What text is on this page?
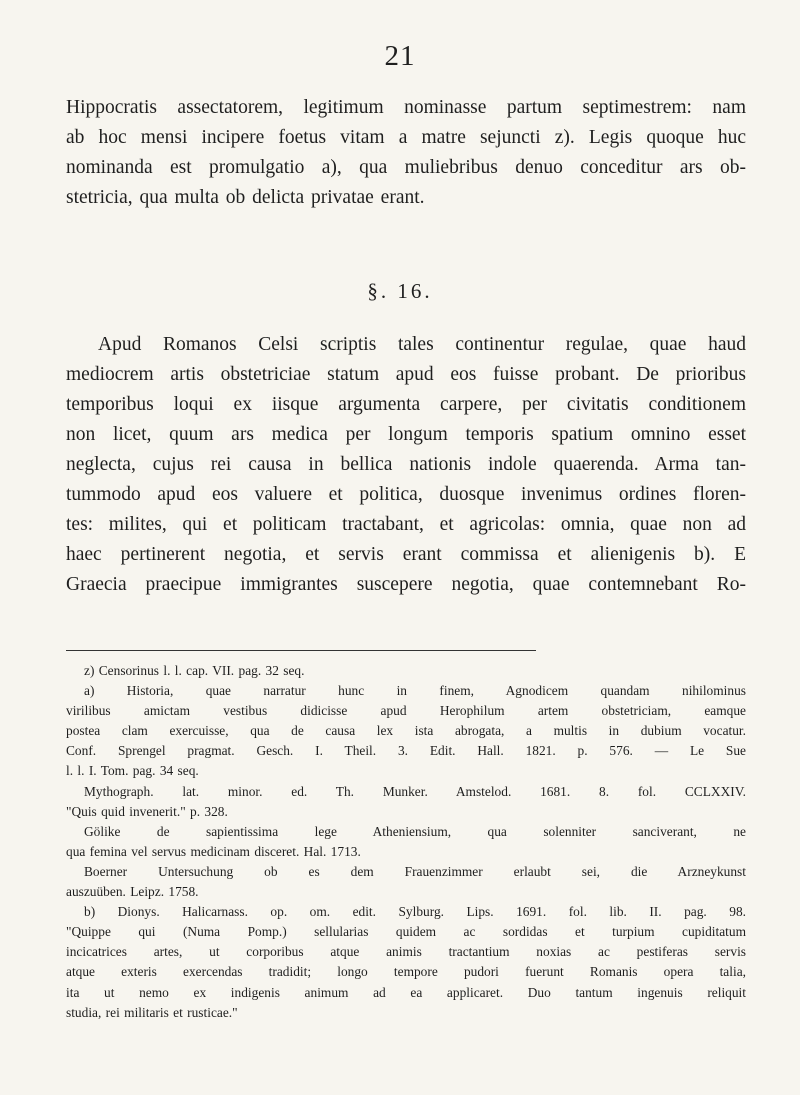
21
Hippocratis assectatorem, legitimum nominasse partum septimestrem: nam
ab hoc mensi incipere foetus vitam a matre sejuncti z). Legis quoque huc
nominanda est promulgatio a), qua muliebribus denuo conceditur ars ob-
stetricia, qua multa ob delicta privatae erant.
§. 16.
Apud Romanos Celsi scriptis tales continentur regulae, quae haud
mediocrem artis obstetriciae statum apud eos fuisse probant. De prioribus
temporibus loqui ex iisque argumenta carpere, per civitatis conditionem
non licet, quum ars medica per longum temporis spatium omnino esset
neglecta, cujus rei causa in bellica nationis indole quaerenda. Arma tan-
tummodo apud eos valuere et politica, duosque invenimus ordines floren-
tes: milites, qui et politicam tractabant, et agricolas: omnia, quae non ad
haec pertinerent negotia, et servis erant commissa et alienigenis b). E
Graecia praecipue immigrantes suscepere negotia, quae contemnebant Ro-
z) Censorinus l. l. cap. VII. pag. 32 seq.
a) Historia, quae narratur hunc in finem, Agnodicem quandam nihilominus
virilibus amictam vestibus didicisse apud Herophilum artem obstetriciam, eamque
postea clam exercuisse, qua de causa lex ista abrogata, a multis in dubium vocatur.
Conf. Sprengel pragmat. Gesch. I. Theil. 3. Edit. Hall. 1821. p. 576. — Le Sue
l. l. I. Tom. pag. 34 seq.
Mythograph. lat. minor. ed. Th. Munker. Amstelod. 1681. 8. fol. CCLXXIV.
"Quis quid invenerit." p. 328.
Gölike de sapientissima lege Atheniensium, qua solenniter sanciverant, ne
qua femina vel servus medicinam disceret. Hal. 1713.
Boerner Untersuchung ob es dem Frauenzimmer erlaubt sei, die Arzneykunst
auszuüben. Leipz. 1758.
b) Dionys. Halicarnass. op. om. edit. Sylburg. Lips. 1691. fol. lib. II. pag. 98.
"Quippe qui (Numa Pomp.) sellularias quidem ac sordidas et turpium cupiditatum
incicatrices artes, ut corporibus atque animis tractantium noxias ac pestiferas servis
atque exteris exercendas tradidit; longo tempore pudori fuerunt Romanis opera talia,
ita ut nemo ex indigenis animum ad ea applicaret. Duo tantum ingenuis reliquit
studia, rei militaris et rusticae."
